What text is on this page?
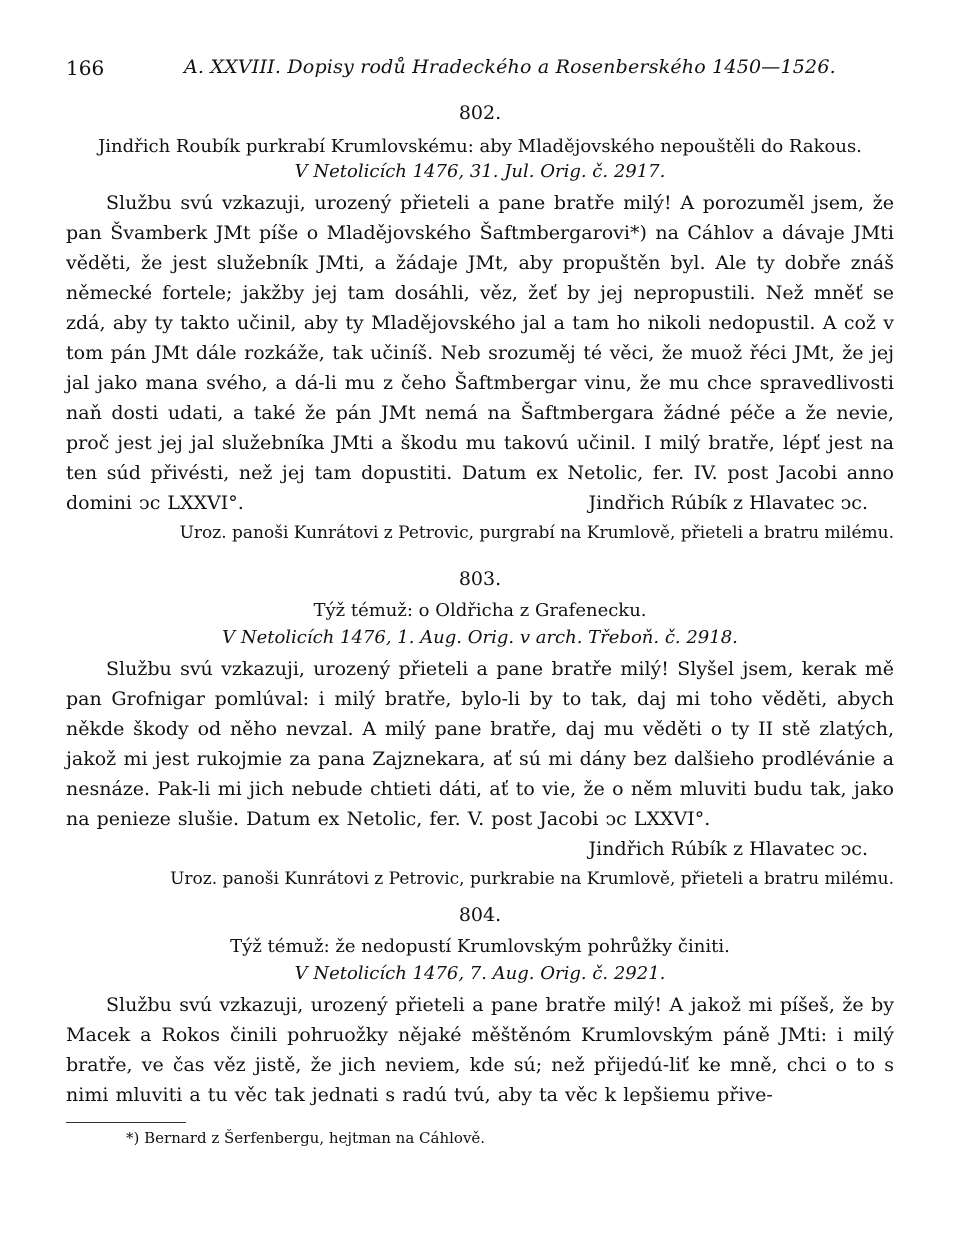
166	A. XXVIII. Dopisy rodů Hradeckého a Rosenberského 1450—1526.

802.

Jindřich Roubík purkrabí Krumlovskému: aby Mladějovského nepouštěli do Rakous.

V Netolicích 1476, 31. Jul. Orig. č. 2917.

Službu svú vzkazuji, urozený přieteli a pane bratře milý! A porozuměl jsem, že pan Švamberk JMt píše o Mladějovského Šaftmbergarovi*) na Cáhlov a dávaje JMti věděti, že jest služebník JMti, a žádaje JMt, aby propuštěn byl. Ale ty dobře znáš německé fortele; jakžby jej tam dosáhli, věz, žeť by jej nepropustili. Než mněť se zdá, aby ty takto učinil, aby ty Mladějovského jal a tam ho nikoli nedopustil. A což v tom pán JMt dále rozkáže, tak učiníš. Neb srozuměj té věci, že muož řéci JMt, že jej jal jako mana svého, a dá-li mu z čeho Šaftmbergar vinu, že mu chce spravedlivosti naň dosti udati, a také že pán JMt nemá na Šaftmbergara žádné péče a že nevie, proč jest jej jal služebníka JMti a škodu mu takovú učinil. I milý bratře, lépť jest na ten súd přivésti, než jej tam dopustiti. Datum ex Netolic, fer. IV. post Jacobi anno domini ͻc LXXVI°.	Jindřich Rúbík z Hlavatec ͻc.

Uroz. panoši Kunrátovi z Petrovic, purgrabí na Krumlově, přieteli a bratru milému.

803.

Týž témuž: o Oldřicha z Grafenecku.

V Netolicích 1476, 1. Aug. Orig. v arch. Třeboň. č. 2918.

Službu svú vzkazuji, urozený přieteli a pane bratře milý! Slyšel jsem, kerak mě pan Grofnigar pomlúval: i milý bratře, bylo-li by to tak, daj mi toho věděti, abych někde škody od něho nevzal. A milý pane bratře, daj mu věděti o ty II stě zlatých, jakož mi jest rukojmie za pana Zajznekara, ať sú mi dány bez dalšieho prodlévánie a nesnáze. Pak-li mi jich nebude chtieti dáti, ať to vie, že o něm mluviti budu tak, jako na penieze slušie. Datum ex Netolic, fer. V. post Jacobi ͻc LXXVI°.

Jindřich Rúbík z Hlavatec ͻc.

Uroz. panoši Kunrátovi z Petrovic, purkrabie na Krumlově, přieteli a bratru milému.

804.

Týž témuž: že nedopustí Krumlovským pohrůžky činiti.

V Netolicích 1476, 7. Aug. Orig. č. 2921.

Službu svú vzkazuji, urozený přieteli a pane bratře milý! A jakož mi píšeš, že by Macek a Rokos činili pohruožky nějaké měštěnóm Krumlovským páně JMti: i milý bratře, ve čas věz jistě, že jich neviem, kde sú; než přijedú-liť ke mně, chci o to s nimi mluviti a tu věc tak jednati s radú tvú, aby ta věc k lepšiemu přive-

*) Bernard z Šerfenbergu, hejtman na Cáhlově.
